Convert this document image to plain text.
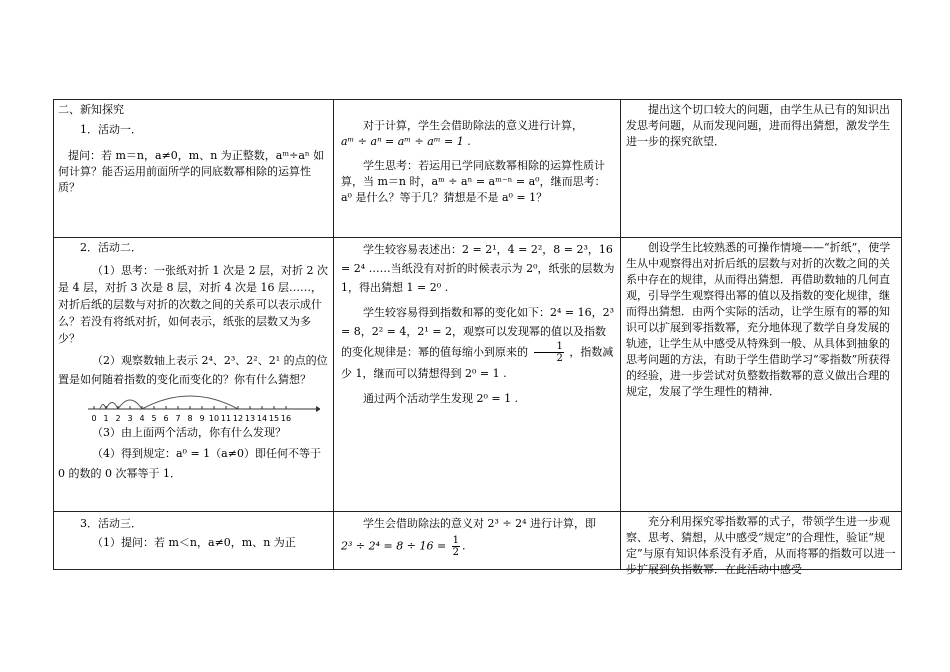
二、新知探究

1．活动一．

提问：若 m＝n，a≠0，m、n 为正整数，aᵐ÷aⁿ 如何计算？能否运用前面所学的同底数幂相除的运算性质？

对于计算，学生会借助除法的意义进行计算，

aᵐ ÷ aⁿ = aᵐ ÷ aᵐ = 1 .

学生思考：若运用已学同底数幂相除的运算性质计算，当 m＝n 时，aᵐ ÷ aⁿ = aᵐ⁻ⁿ = a⁰，继而思考：a⁰ 是什么？等于几？猜想是不是 a⁰ = 1？

提出这个切口较大的问题，由学生从已有的知识出发思考问题，从而发现问题，进而得出猜想，激发学生进一步的探究欲望．

2．活动二．

（1）思考：一张纸对折 1 次是 2 层，对折 2 次是 4 层，对折 3 次是 8 层，对折 4 次是 16 层……，对折后纸的层数与对折的次数之间的关系可以表示成什么？若没有将纸对折，如何表示，纸张的层数又为多少？

（2）观察数轴上表示 2⁴、2³、2²、2¹ 的点的位置是如何随着指数的变化而变化的？你有什么猜想？

0 1 2 3 4 5 6 7 8 9 10 11 12 13 14 15 16

（3）由上面两个活动，你有什么发现？

（4）得到规定：a⁰ = 1（a≠0）即任何不等于 0 的数的 0 次幂等于 1．

学生较容易表述出：2 = 2¹，4 = 2²，8 = 2³，16 = 2⁴ ……当纸没有对折的时候表示为 2⁰，纸张的层数为 1，得出猜想 1 = 2⁰ .

学生较容易得到指数和幂的变化如下：2⁴ = 16，2³ = 8，2² = 4，2¹ = 2，观察可以发现幂的值以及指数的变化规律是：幂的值每缩小到原来的 $\frac{1}{2}$ ，指数减少 1，继而可以猜想得到 2⁰ = 1 .

通过两个活动学生发现 2⁰ = 1 .

创设学生比较熟悉的可操作情境——“折纸”，使学生从中观察得出对折后纸的层数与对折的次数之间的关系中存在的规律，从而得出猜想．再借助数轴的几何直观，引导学生观察得出幂的值以及指数的变化规律，继而得出猜想．由两个实际的活动，让学生原有的幂的知识可以扩展到零指数幂，充分地体现了数学自身发展的轨迹，让学生从中感受从特殊到一般、从具体到抽象的思考问题的方法，有助于学生借助学习“零指数”所获得的经验，进一步尝试对负整数指数幂的意义做出合理的规定，发展了学生理性的精神．

3．活动三．

（1）提问：若 m＜n，a≠0，m、n 为正

学生会借助除法的意义对 2³ ÷ 2⁴ 进行计算，即

$2^3 \div 2^4 = 8 \div 16 = \frac{1}{2}$ .

充分利用探究零指数幂的式子，带领学生进一步观察、思考、猜想，从中感受“规定”的合理性，验证“规定”与原有知识体系没有矛盾，从而将幂的指数可以进一步扩展到负指数幂．在此活动中感受
